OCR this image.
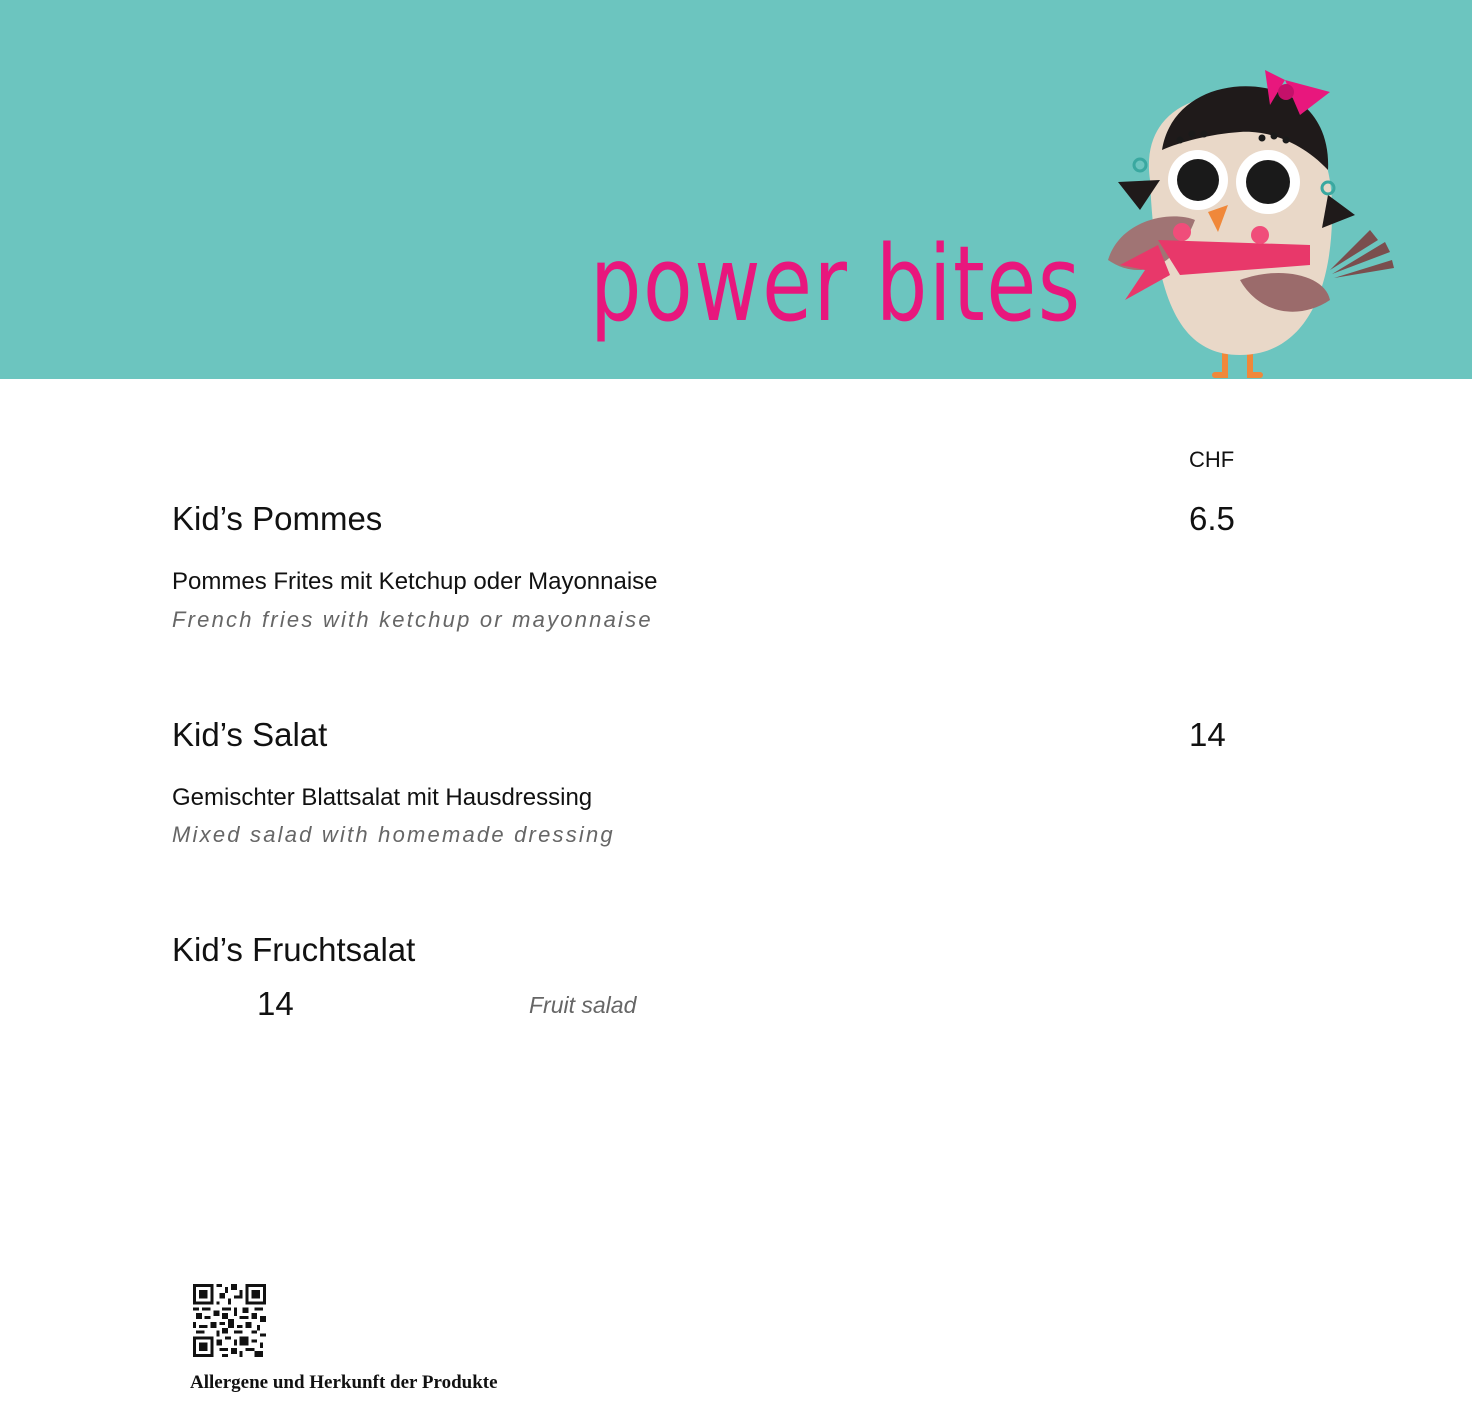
power bites
CHF
Kid’s Pommes	6.5
Pommes Frites mit Ketchup oder Mayonnaise
French fries with ketchup or mayonnaise
Kid’s Salat	14
Gemischter Blattsalat mit Hausdressing
Mixed salad with homemade dressing
Kid’s Fruchtsalat
14	Fruit salad
Allergene und Herkunft der Produkte
